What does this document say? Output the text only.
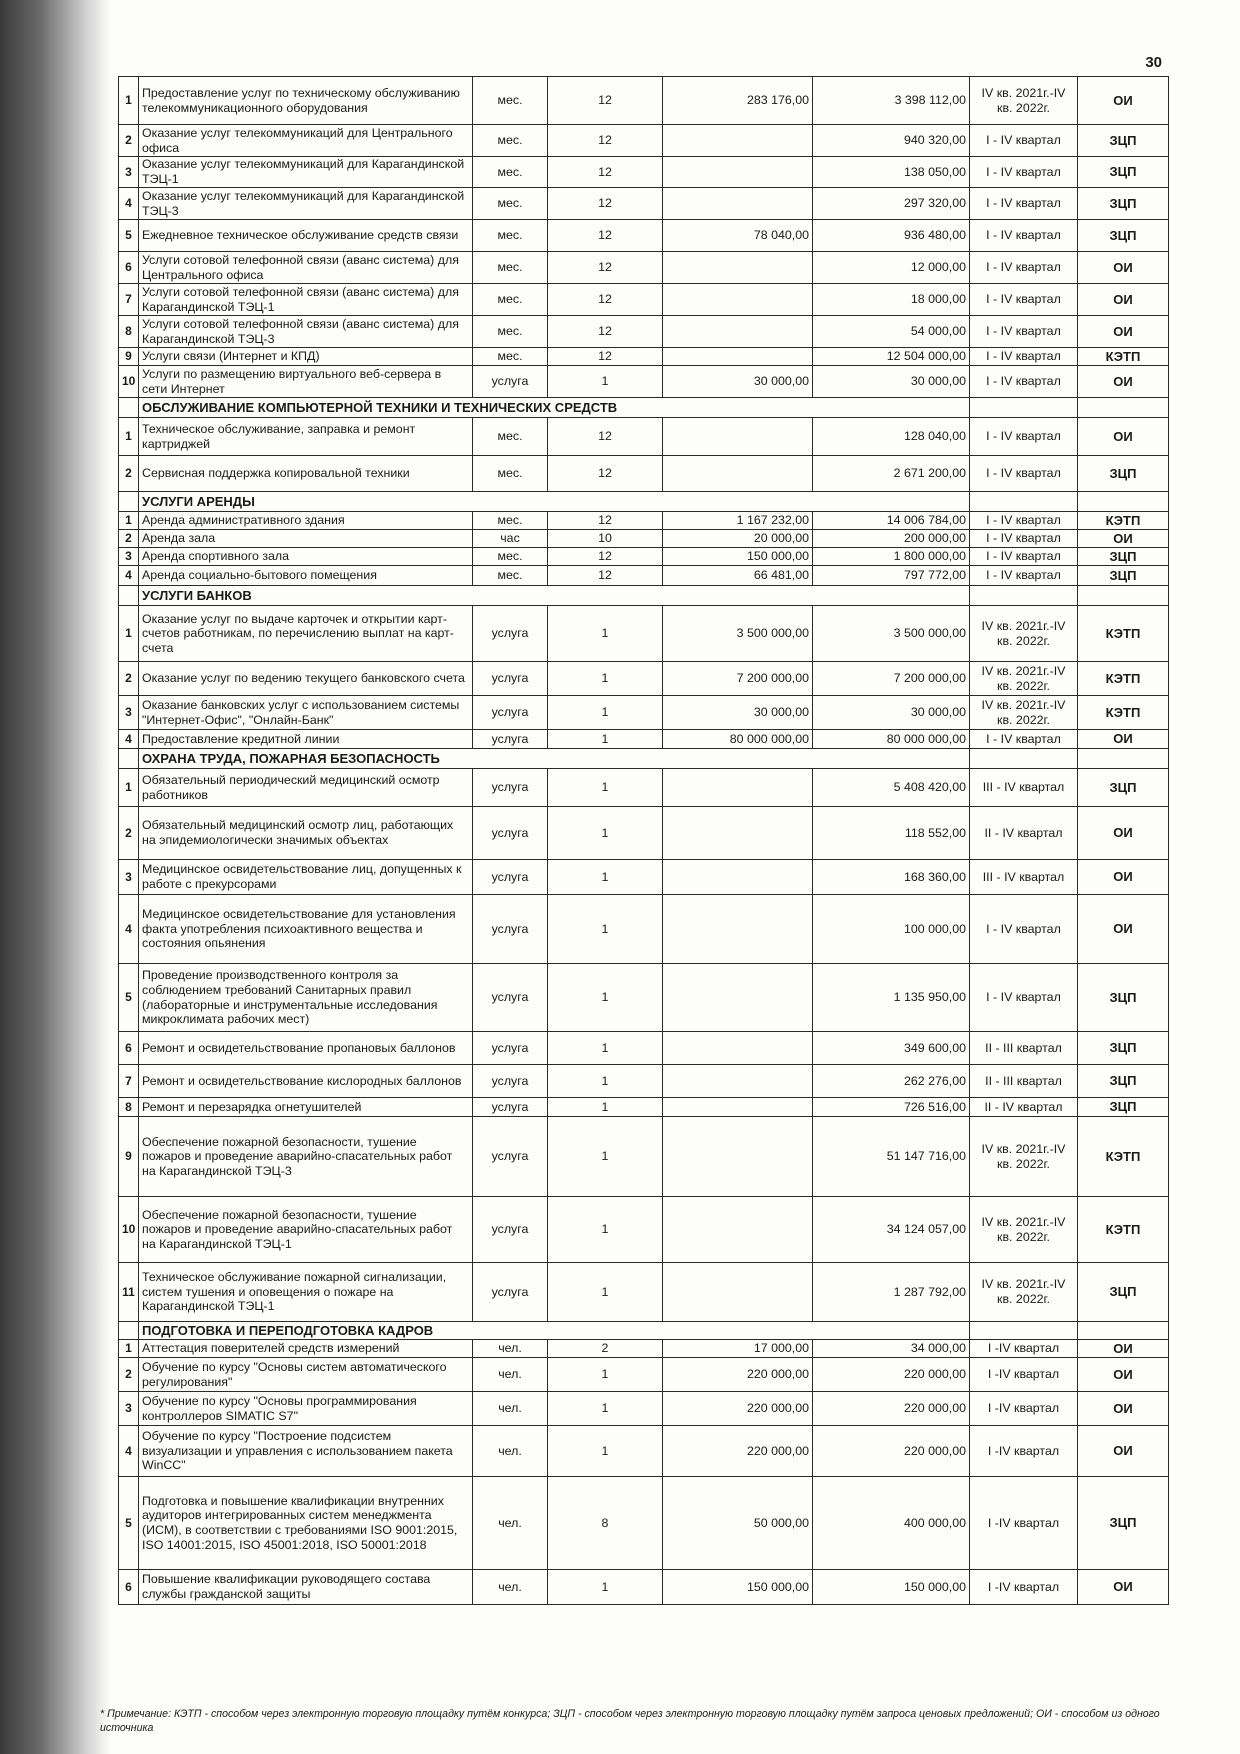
30
1	Предоставление услуг по техническому обслуживанию телекоммуникационного оборудования	мес.	12	283 176,00	3 398 112,00	IV кв. 2021г.-IV кв. 2022г.	ОИ
2	Оказание услуг телекоммуникаций для Центрального офиса	мес.	12		940 320,00	I - IV квартал	ЗЦП
3	Оказание услуг телекоммуникаций для Карагандинской ТЭЦ-1	мес.	12		138 050,00	I - IV квартал	ЗЦП
4	Оказание услуг телекоммуникаций для Карагандинской ТЭЦ-3	мес.	12		297 320,00	I - IV квартал	ЗЦП
5	Ежедневное техническое обслуживание средств связи	мес.	12	78 040,00	936 480,00	I - IV квартал	ЗЦП
6	Услуги сотовой телефонной связи (аванс система) для Центрального офиса	мес.	12		12 000,00	I - IV квартал	ОИ
7	Услуги сотовой телефонной связи (аванс система) для Карагандинской ТЭЦ-1	мес.	12		18 000,00	I - IV квартал	ОИ
8	Услуги сотовой телефонной связи (аванс система) для Карагандинской ТЭЦ-3	мес.	12		54 000,00	I - IV квартал	ОИ
9	Услуги связи (Интернет и КПД)	мес.	12		12 504 000,00	I - IV квартал	КЭТП
10	Услуги по размещению виртуального веб-сервера в сети Интернет	услуга	1	30 000,00	30 000,00	I - IV квартал	ОИ
	ОБСЛУЖИВАНИЕ КОМПЬЮТЕРНОЙ ТЕХНИКИ И ТЕХНИЧЕСКИХ СРЕДСТВ						
1	Техническое обслуживание, заправка и ремонт картриджей	мес.	12		128 040,00	I - IV квартал	ОИ
2	Сервисная поддержка копировальной техники	мес.	12		2 671 200,00	I - IV квартал	ЗЦП
	УСЛУГИ АРЕНДЫ						
1	Аренда административного здания	мес.	12	1 167 232,00	14 006 784,00	I - IV квартал	КЭТП
2	Аренда зала	час	10	20 000,00	200 000,00	I - IV квартал	ОИ
3	Аренда спортивного зала	мес.	12	150 000,00	1 800 000,00	I - IV квартал	ЗЦП
4	Аренда социально-бытового помещения	мес.	12	66 481,00	797 772,00	I - IV квартал	ЗЦП
	УСЛУГИ БАНКОВ						
1	Оказание услуг по выдаче карточек и открытии карт-счетов работникам, по перечислению выплат на карт-счета	услуга	1	3 500 000,00	3 500 000,00	IV кв. 2021г.-IV кв. 2022г.	КЭТП
2	Оказание услуг по ведению текущего банковского счета	услуга	1	7 200 000,00	7 200 000,00	IV кв. 2021г.-IV кв. 2022г.	КЭТП
3	Оказание банковских услуг с использованием системы "Интернет-Офис", "Онлайн-Банк"	услуга	1	30 000,00	30 000,00	IV кв. 2021г.-IV кв. 2022г.	КЭТП
4	Предоставление кредитной линии	услуга	1	80 000 000,00	80 000 000,00	I - IV квартал	ОИ
	ОХРАНА ТРУДА, ПОЖАРНАЯ БЕЗОПАСНОСТЬ						
1	Обязательный периодический медицинский осмотр работников	услуга	1		5 408 420,00	III - IV квартал	ЗЦП
2	Обязательный медицинский осмотр лиц, работающих на эпидемиологически значимых объектах	услуга	1		118 552,00	II - IV квартал	ОИ
3	Медицинское освидетельствование лиц, допущенных к работе с прекурсорами	услуга	1		168 360,00	III - IV квартал	ОИ
4	Медицинское освидетельствование для установления факта употребления психоактивного вещества и состояния опьянения	услуга	1		100 000,00	I - IV квартал	ОИ
5	Проведение производственного контроля за соблюдением требований Санитарных правил (лабораторные и инструментальные исследования микроклимата рабочих мест)	услуга	1		1 135 950,00	I - IV квартал	ЗЦП
6	Ремонт и освидетельствование пропановых баллонов	услуга	1		349 600,00	II - III квартал	ЗЦП
7	Ремонт и освидетельствование кислородных баллонов	услуга	1		262 276,00	II - III квартал	ЗЦП
8	Ремонт и перезарядка огнетушителей	услуга	1		726 516,00	II - IV квартал	ЗЦП
9	Обеспечение пожарной безопасности, тушение пожаров и проведение аварийно-спасательных работ на Карагандинской ТЭЦ-3	услуга	1		51 147 716,00	IV кв. 2021г.-IV кв. 2022г.	КЭТП
10	Обеспечение пожарной безопасности, тушение пожаров и проведение аварийно-спасательных работ на Карагандинской ТЭЦ-1	услуга	1		34 124 057,00	IV кв. 2021г.-IV кв. 2022г.	КЭТП
11	Техническое обслуживание пожарной сигнализации, систем тушения и оповещения о пожаре на Карагандинской ТЭЦ-1	услуга	1		1 287 792,00	IV кв. 2021г.-IV кв. 2022г.	ЗЦП
	ПОДГОТОВКА И ПЕРЕПОДГОТОВКА КАДРОВ						
1	Аттестация поверителей средств измерений	чел.	2	17 000,00	34 000,00	I -IV квартал	ОИ
2	Обучение по курсу "Основы систем автоматического регулирования"	чел.	1	220 000,00	220 000,00	I -IV квартал	ОИ
3	Обучение по курсу "Основы программирования контроллеров SIMATIC S7"	чел.	1	220 000,00	220 000,00	I -IV квартал	ОИ
4	Обучение по курсу "Построение подсистем визуализации и управления с использованием пакета WinCC"	чел.	1	220 000,00	220 000,00	I -IV квартал	ОИ
5	Подготовка и повышение квалификации внутренних аудиторов интегрированных систем менеджмента (ИСМ), в соответствии с требованиями ISO 9001:2015, ISO 14001:2015, ISO 45001:2018, ISO 50001:2018	чел.	8	50 000,00	400 000,00	I -IV квартал	ЗЦП
6	Повышение квалификации руководящего состава службы гражданской защиты	чел.	1	150 000,00	150 000,00	I -IV квартал	ОИ
* Примечание: КЭТП - способом через электронную торговую площадку путём конкурса; ЗЦП - способом через электронную торговую площадку путём запроса ценовых предложений; ОИ - способом из одного источника
